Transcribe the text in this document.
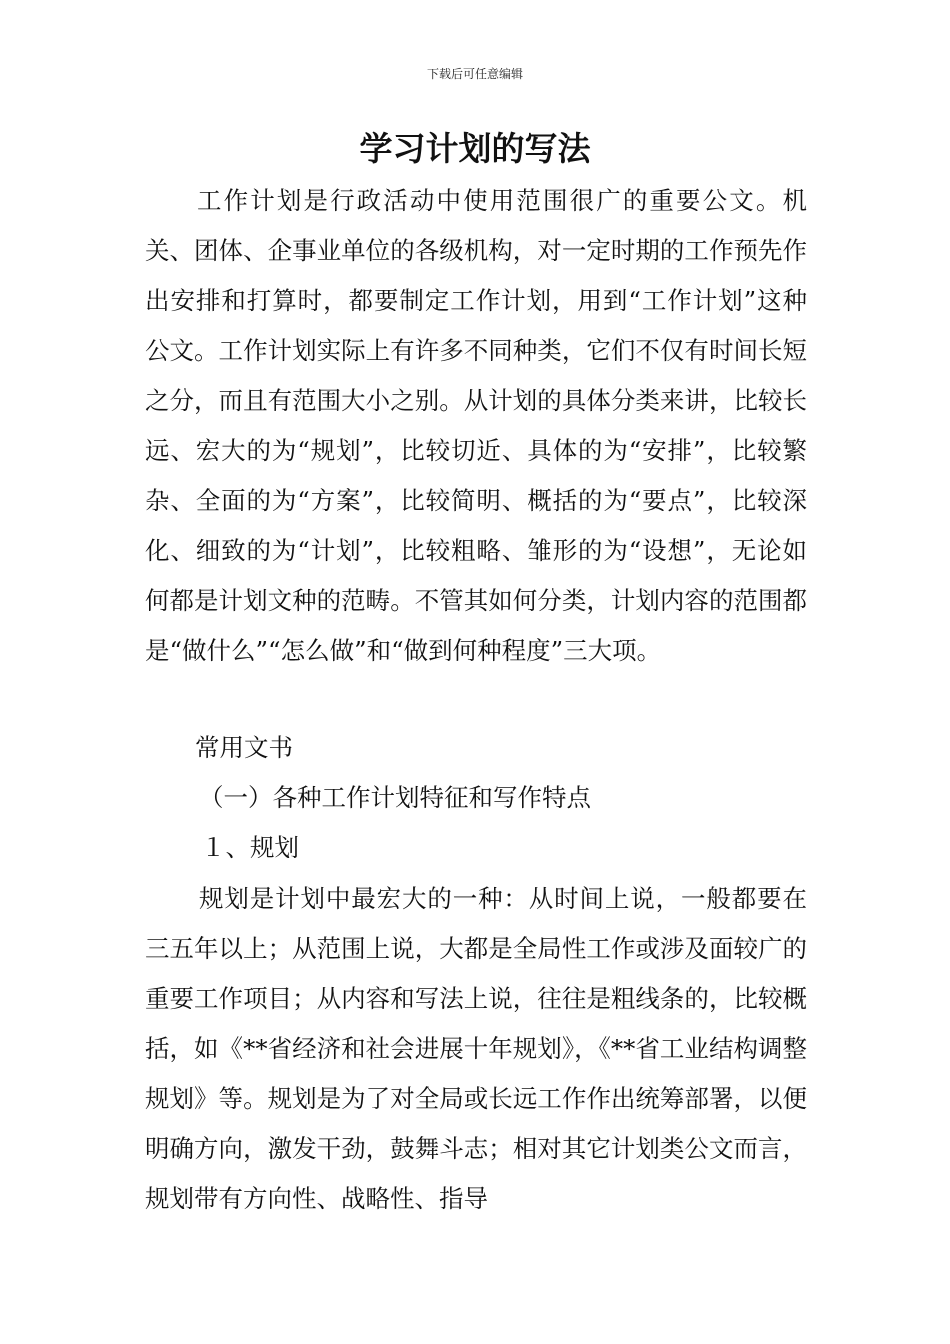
下载后可任意编辑
学习计划的写法

工作计划是行政活动中使用范围很广的重要公文。机关、团体、企事业单位的各级机构，对一定时期的工作预先作出安排和打算时，都要制定工作计划，用到“工作计划”这种公文。工作计划实际上有许多不同种类，它们不仅有时间长短之分，而且有范围大小之别。从计划的具体分类来讲，比较长远、宏大的为“规划”，比较切近、具体的为“安排”，比较繁杂、全面的为“方案”，比较简明、概括的为“要点”，比较深化、细致的为“计划”，比较粗略、雏形的为“设想”，无论如何都是计划文种的范畴。不管其如何分类，计划内容的范围都是“做什么”“怎么做”和“做到何种程度”三大项。

常用文书

（一）各种工作计划特征和写作特点

１、规划

规划是计划中最宏大的一种：从时间上说，一般都要在三五年以上；从范围上说，大都是全局性工作或涉及面较广的重要工作项目；从内容和写法上说，往往是粗线条的，比较概括，如《**省经济和社会进展十年规划》，《**省工业结构调整规划》等。规划是为了对全局或长远工作作出统筹部署，以便明确方向，激发干劲，鼓舞斗志；相对其它计划类公文而言，规划带有方向性、战略性、指导
